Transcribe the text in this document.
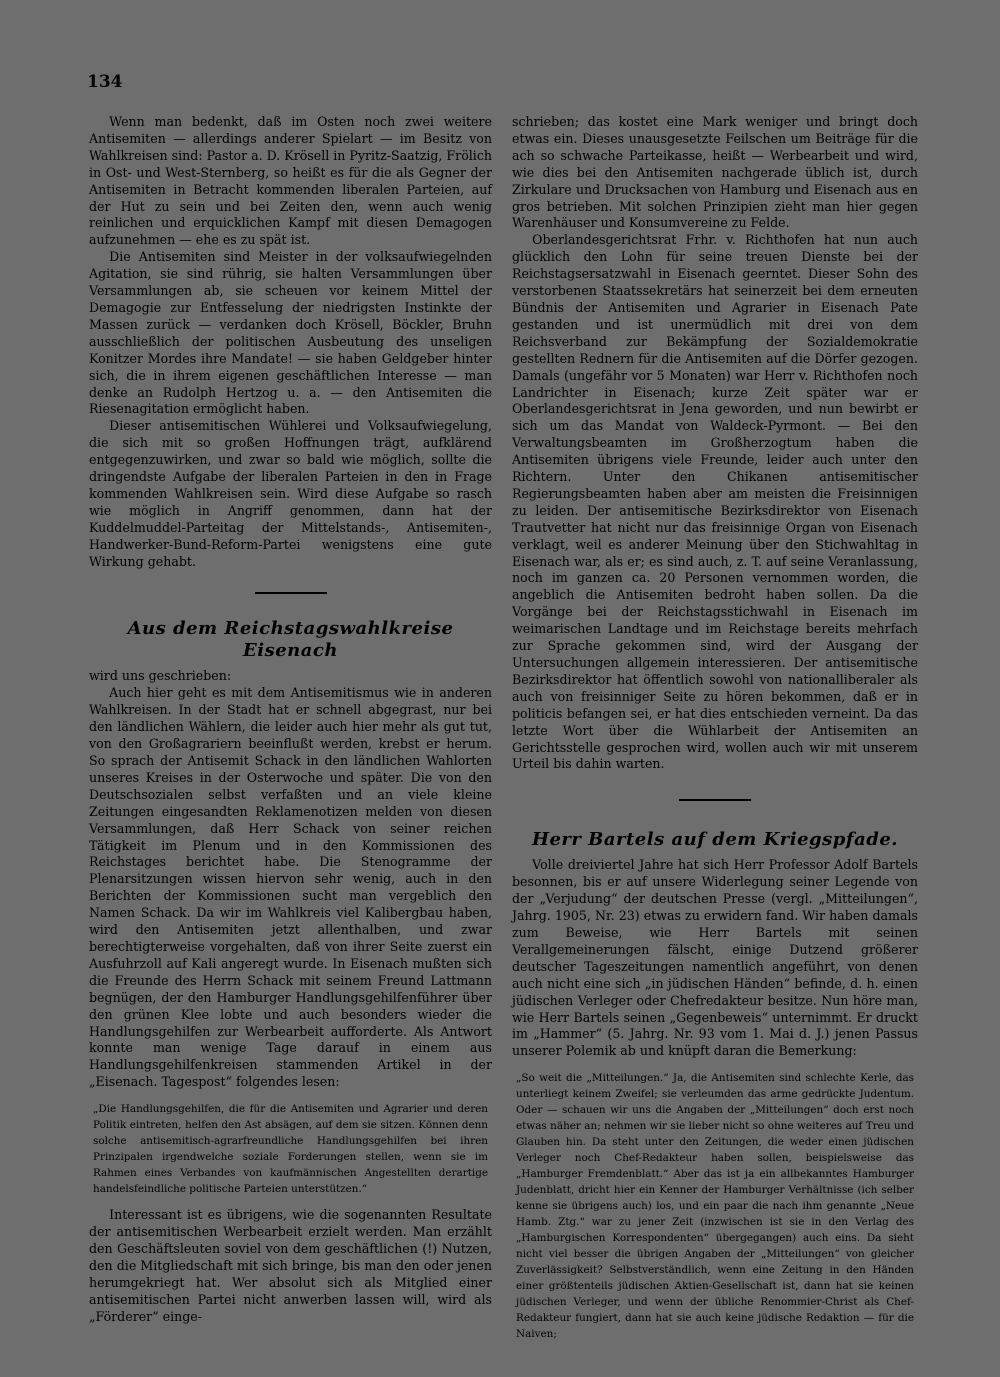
134

Wenn man bedenkt, daß im Osten noch zwei weitere Antisemiten — allerdings anderer Spielart — im Besitz von Wahlkreisen sind: Pastor a. D. Krösell in Pyritz-Saatzig, Frölich in Ost- und West-Sternberg, so heißt es für die als Gegner der Antisemiten in Betracht kommenden liberalen Parteien, auf der Hut zu sein und bei Zeiten den, wenn auch wenig reinlichen und erquicklichen Kampf mit diesen Demagogen aufzunehmen — ehe es zu spät ist.

Die Antisemiten sind Meister in der volksaufwiegelnden Agitation, sie sind rührig, sie halten Versammlungen über Versammlungen ab, sie scheuen vor keinem Mittel der Demagogie zur Entfesselung der niedrigsten Instinkte der Massen zurück — verdanken doch Krösell, Böckler, Bruhn ausschließlich der politischen Ausbeutung des unseligen Konitzer Mordes ihre Mandate! — sie haben Geldgeber hinter sich, die in ihrem eigenen geschäftlichen Interesse — man denke an Rudolph Hertzog u. a. — den Antisemiten die Riesenagitation ermöglicht haben.

Dieser antisemitischen Wühlerei und Volksaufwiegelung, die sich mit so großen Hoffnungen trägt, aufklärend entgegenzuwirken, und zwar so bald wie möglich, sollte die dringendste Aufgabe der liberalen Parteien in den in Frage kommenden Wahlkreisen sein. Wird diese Aufgabe so rasch wie möglich in Angriff genommen, dann hat der Kuddelmuddel-Parteitag der Mittelstands-, Antisemiten-, Handwerker-Bund-Reform-Partei wenigstens eine gute Wirkung gehabt.

Aus dem Reichstagswahlkreise Eisenach

wird uns geschrieben:

Auch hier geht es mit dem Antisemitismus wie in anderen Wahlkreisen. In der Stadt hat er schnell abgegrast, nur bei den ländlichen Wählern, die leider auch hier mehr als gut tut, von den Großagrariern beeinflußt werden, krebst er herum. So sprach der Antisemit Schack in den ländlichen Wahlorten unseres Kreises in der Osterwoche und später. Die von den Deutschsozialen selbst verfaßten und an viele kleine Zeitungen eingesandten Reklamenotizen melden von diesen Versammlungen, daß Herr Schack von seiner reichen Tätigkeit im Plenum und in den Kommissionen des Reichstages berichtet habe. Die Stenogramme der Plenarsitzungen wissen hiervon sehr wenig, auch in den Berichten der Kommissionen sucht man vergeblich den Namen Schack. Da wir im Wahlkreis viel Kalibergbau haben, wird den Antisemiten jetzt allenthalben, und zwar berechtigterweise vorgehalten, daß von ihrer Seite zuerst ein Ausfuhrzoll auf Kali angeregt wurde. In Eisenach mußten sich die Freunde des Herrn Schack mit seinem Freund Lattmann begnügen, der den Hamburger Handlungsgehilfenführer über den grünen Klee lobte und auch besonders wieder die Handlungsgehilfen zur Werbearbeit aufforderte. Als Antwort konnte man wenige Tage darauf in einem aus Handlungsgehilfenkreisen stammenden Artikel in der „Eisenach. Tagespost“ folgendes lesen:

„Die Handlungsgehilfen, die für die Antisemiten und Agrarier und deren Politik eintreten, helfen den Ast absägen, auf dem sie sitzen. Können denn solche antisemitisch-agrarfreundliche Handlungsgehilfen bei ihren Prinzipalen irgendwelche soziale Forderungen stellen, wenn sie im Rahmen eines Verbandes von kaufmännischen Angestellten derartige handelsfeindliche politische Parteien unterstützen.“

Interessant ist es übrigens, wie die sogenannten Resultate der antisemitischen Werbearbeit erzielt werden. Man erzählt den Geschäftsleuten soviel von dem geschäftlichen (!) Nutzen, den die Mitgliedschaft mit sich bringe, bis man den oder jenen herumgekriegt hat. Wer absolut sich als Mitglied einer antisemitischen Partei nicht anwerben lassen will, wird als „Förderer“ einge-

schrieben; das kostet eine Mark weniger und bringt doch etwas ein. Dieses unausgesetzte Feilschen um Beiträge für die ach so schwache Parteikasse, heißt — Werbearbeit und wird, wie dies bei den Antisemiten nachgerade üblich ist, durch Zirkulare und Drucksachen von Hamburg und Eisenach aus en gros betrieben. Mit solchen Prinzipien zieht man hier gegen Warenhäuser und Konsumvereine zu Felde.

Oberlandesgerichtsrat Frhr. v. Richthofen hat nun auch glücklich den Lohn für seine treuen Dienste bei der Reichstagsersatzwahl in Eisenach geerntet. Dieser Sohn des verstorbenen Staatssekretärs hat seinerzeit bei dem erneuten Bündnis der Antisemiten und Agrarier in Eisenach Pate gestanden und ist unermüdlich mit drei von dem Reichsverband zur Bekämpfung der Sozialdemokratie gestellten Rednern für die Antisemiten auf die Dörfer gezogen. Damals (ungefähr vor 5 Monaten) war Herr v. Richthofen noch Landrichter in Eisenach; kurze Zeit später war er Oberlandesgerichtsrat in Jena geworden, und nun bewirbt er sich um das Mandat von Waldeck-Pyrmont. — Bei den Verwaltungsbeamten im Großherzogtum haben die Antisemiten übrigens viele Freunde, leider auch unter den Richtern. Unter den Chikanen antisemitischer Regierungsbeamten haben aber am meisten die Freisinnigen zu leiden. Der antisemitische Bezirksdirektor von Eisenach Trautvetter hat nicht nur das freisinnige Organ von Eisenach verklagt, weil es anderer Meinung über den Stichwahltag in Eisenach war, als er; es sind auch, z. T. auf seine Veranlassung, noch im ganzen ca. 20 Personen vernommen worden, die angeblich die Antisemiten bedroht haben sollen. Da die Vorgänge bei der Reichstagsstichwahl in Eisenach im weimarischen Landtage und im Reichstage bereits mehrfach zur Sprache gekommen sind, wird der Ausgang der Untersuchungen allgemein interessieren. Der antisemitische Bezirksdirektor hat öffentlich sowohl von nationalliberaler als auch von freisinniger Seite zu hören bekommen, daß er in politicis befangen sei, er hat dies entschieden verneint. Da das letzte Wort über die Wühlarbeit der Antisemiten an Gerichtsstelle gesprochen wird, wollen auch wir mit unserem Urteil bis dahin warten.

Herr Bartels auf dem Kriegspfade.

Volle dreiviertel Jahre hat sich Herr Professor Adolf Bartels besonnen, bis er auf unsere Widerlegung seiner Legende von der „Verjudung“ der deutschen Presse (vergl. „Mitteilungen“, Jahrg. 1905, Nr. 23) etwas zu erwidern fand. Wir haben damals zum Beweise, wie Herr Bartels mit seinen Verallgemeinerungen fälscht, einige Dutzend größerer deutscher Tageszeitungen namentlich angeführt, von denen auch nicht eine sich „in jüdischen Händen“ befinde, d. h. einen jüdischen Verleger oder Chefredakteur besitze. Nun höre man, wie Herr Bartels seinen „Gegenbeweis“ unternimmt. Er druckt im „Hammer“ (5. Jahrg. Nr. 93 vom 1. Mai d. J.) jenen Passus unserer Polemik ab und knüpft daran die Bemerkung:

„So weit die „Mitteilungen.“ Ja, die Antisemiten sind schlechte Kerle, das unterliegt keinem Zweifel; sie verleumden das arme gedrückte Judentum. Oder — schauen wir uns die Angaben der „Mitteilungen“ doch erst noch etwas näher an; nehmen wir sie lieber nicht so ohne weiteres auf Treu und Glauben hin. Da steht unter den Zeitungen, die weder einen jüdischen Verleger noch Chef-Redakteur haben sollen, beispielsweise das „Hamburger Fremdenblatt.“ Aber das ist ja ein allbekanntes Hamburger Judenblatt, dricht hier ein Kenner der Hamburger Verhältnisse (ich selber kenne sie übrigens auch) los, und ein paar die nach ihm genannte „Neue Hamb. Ztg.“ war zu jener Zeit (inzwischen ist sie in den Verlag des „Hamburgischen Korrespondenten“ übergegangen) auch eins. Da sieht nicht viel besser die übrigen Angaben der „Mitteilungen“ von gleicher Zuverlässigkeit? Selbstverständlich, wenn eine Zeitung in den Händen einer größtenteils jüdischen Aktien-Gesellschaft ist, dann hat sie keinen jüdischen Verleger, und wenn der übliche Renommier-Christ als Chef-Redakteur fungiert, dann hat sie auch keine jüdische Redaktion — für die Naiven;
